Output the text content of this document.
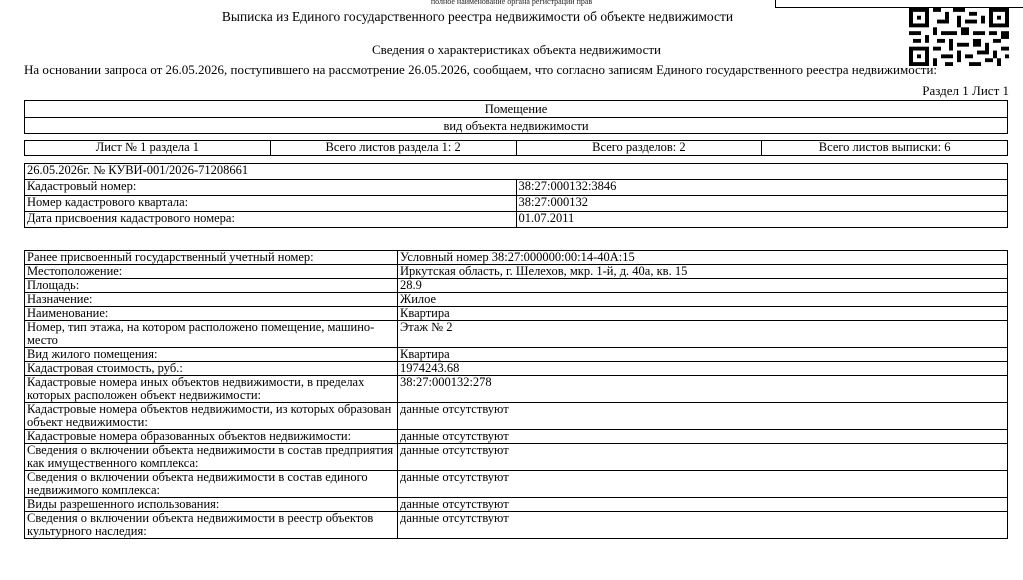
полное наименование органа регистрации прав
Выписка из Единого государственного реестра недвижимости об объекте недвижимости
Сведения о характеристиках объекта недвижимости
На основании запроса от 26.05.2026, поступившего на рассмотрение 26.05.2026, сообщаем, что согласно записям Единого государственного реестра недвижимости:
Раздел 1 Лист 1
Помещение
вид объекта недвижимости
Лист № 1 раздела 1	Всего листов раздела 1: 2	Всего разделов: 2	Всего листов выписки: 6
26.05.2026г. № КУВИ-001/2026-71208661	
Кадастровый номер:	38:27:000132:3846
Номер кадастрового квартала:	38:27:000132
Дата присвоения кадастрового номера:	01.07.2011
Ранее присвоенный государственный учетный номер:	Условный номер 38:27:000000:00:14-40А:15
Местоположение:	Иркутская область, г. Шелехов, мкр. 1-й, д. 40а, кв. 15
Площадь:	28.9
Назначение:	Жилое
Наименование:	Квартира
Номер, тип этажа, на котором расположено помещение, машино-место	Этаж № 2
Вид жилого помещения:	Квартира
Кадастровая стоимость, руб.:	1974243.68
Кадастровые номера иных объектов недвижимости, в пределах которых расположен объект недвижимости:	38:27:000132:278
Кадастровые номера объектов недвижимости, из которых образован объект недвижимости:	данные отсутствуют
Кадастровые номера образованных объектов недвижимости:	данные отсутствуют
Сведения о включении объекта недвижимости в состав предприятия как имущественного комплекса:	данные отсутствуют
Сведения о включении объекта недвижимости в состав единого недвижимого комплекса:	данные отсутствуют
Виды разрешенного использования:	данные отсутствуют
Сведения о включении объекта недвижимости в реестр объектов культурного наследия:	данные отсутствуют
